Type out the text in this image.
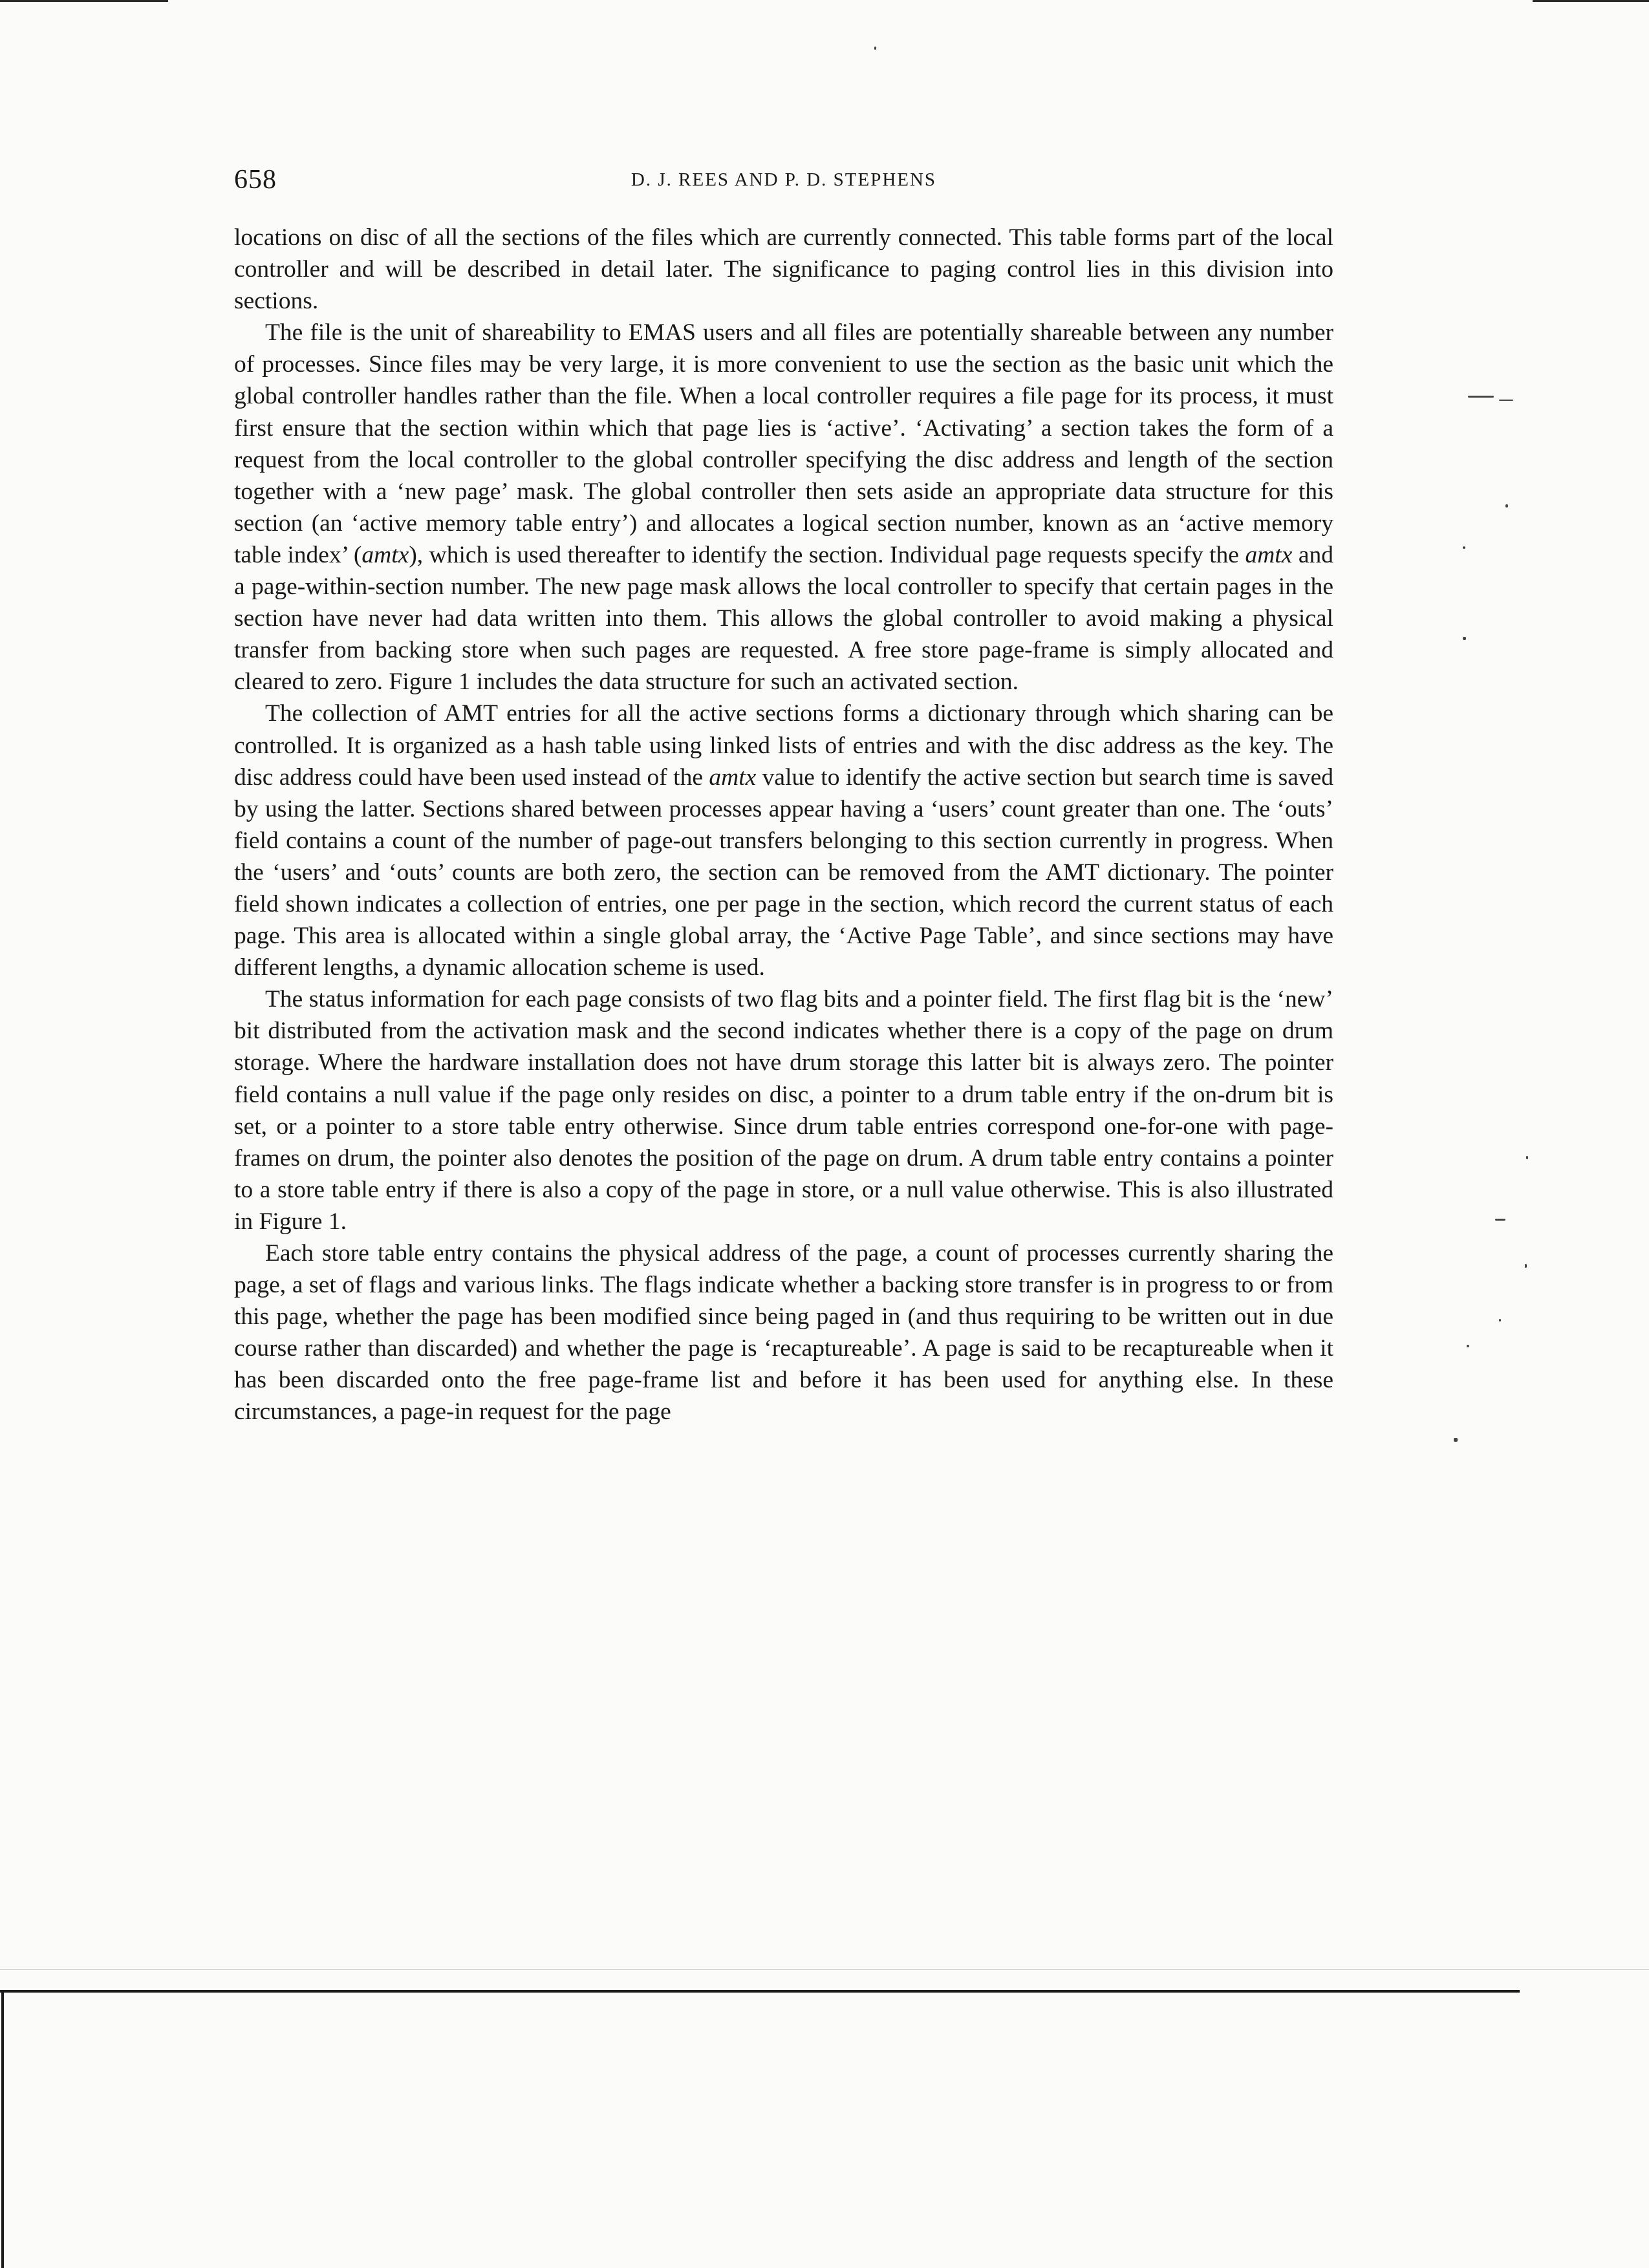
658	D. J. REES AND P. D. STEPHENS

locations on disc of all the sections of the files which are currently connected. This table forms part of the local controller and will be described in detail later. The significance to paging control lies in this division into sections.

The file is the unit of shareability to EMAS users and all files are potentially shareable between any number of processes. Since files may be very large, it is more convenient to use the section as the basic unit which the global controller handles rather than the file. When a local controller requires a file page for its process, it must first ensure that the section within which that page lies is ‘active’. ‘Activating’ a section takes the form of a request from the local controller to the global controller specifying the disc address and length of the section together with a ‘new page’ mask. The global controller then sets aside an appropriate data structure for this section (an ‘active memory table entry’) and allocates a logical section number, known as an ‘active memory table index’ (amtx), which is used thereafter to identify the section. Individual page requests specify the amtx and a page-within-section number. The new page mask allows the local controller to specify that certain pages in the section have never had data written into them. This allows the global controller to avoid making a physical transfer from backing store when such pages are requested. A free store page-frame is simply allocated and cleared to zero. Figure 1 includes the data structure for such an activated section.

The collection of AMT entries for all the active sections forms a dictionary through which sharing can be controlled. It is organized as a hash table using linked lists of entries and with the disc address as the key. The disc address could have been used instead of the amtx value to identify the active section but search time is saved by using the latter. Sections shared between processes appear having a ‘users’ count greater than one. The ‘outs’ field contains a count of the number of page-out transfers belonging to this section currently in progress. When the ‘users’ and ‘outs’ counts are both zero, the section can be removed from the AMT dictionary. The pointer field shown indicates a collection of entries, one per page in the section, which record the current status of each page. This area is allocated within a single global array, the ‘Active Page Table’, and since sections may have different lengths, a dynamic allocation scheme is used.

The status information for each page consists of two flag bits and a pointer field. The first flag bit is the ‘new’ bit distributed from the activation mask and the second indicates whether there is a copy of the page on drum storage. Where the hardware installation does not have drum storage this latter bit is always zero. The pointer field contains a null value if the page only resides on disc, a pointer to a drum table entry if the on-drum bit is set, or a pointer to a store table entry otherwise. Since drum table entries correspond one-for-one with page-frames on drum, the pointer also denotes the position of the page on drum. A drum table entry contains a pointer to a store table entry if there is also a copy of the page in store, or a null value otherwise. This is also illustrated in Figure 1.

Each store table entry contains the physical address of the page, a count of processes currently sharing the page, a set of flags and various links. The flags indicate whether a backing store transfer is in progress to or from this page, whether the page has been modified since being paged in (and thus requiring to be written out in due course rather than discarded) and whether the page is ‘recaptureable’. A page is said to be recaptureable when it has been discarded onto the free page-frame list and before it has been used for anything else. In these circumstances, a page-in request for the page
